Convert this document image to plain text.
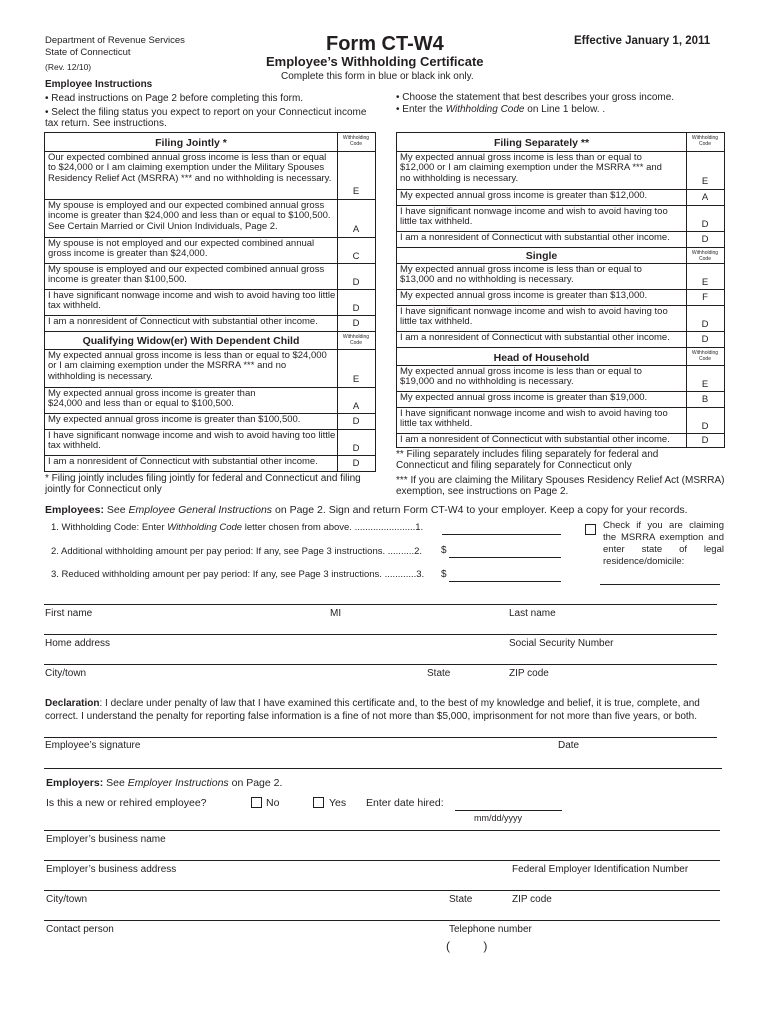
Department of Revenue Services
State of Connecticut
(Rev. 12/10)
Form CT-W4
Employee’s Withholding Certificate
Complete this form in blue or black ink only.
Effective January 1, 2011
Employee Instructions
• Read instructions on Page 2 before completing this form.
• Select the filing status you expect to report on your Connecticut income tax return. See instructions.
• Choose the statement that best describes your gross income.
• Enter the Withholding Code on Line 1 below. .
Filing Jointly *	Withholding Code
Our expected combined annual gross income is less than or equal to $24,000 or I am claiming exemption under the Military Spouses Residency Relief Act (MSRRA) *** and no withholding is necessary.
E
My spouse is employed and our expected combined annual gross income is greater than $24,000 and less than or equal to $100,500. See Certain Married or Civil Union Individuals, Page 2.	A
My spouse is not employed and our expected combined annual gross income is greater than $24,000.	C
My spouse is employed and our expected combined annual gross income is greater than $100,500.	D
I have significant nonwage income and wish to avoid having too little tax withheld.	D
I am a nonresident of Connecticut with substantial other income.	D
Qualifying Widow(er) With Dependent Child	Withholding Code
My expected annual gross income is less than or equal to $24,000 or I am claiming exemption under the MSRRA *** and no withholding is necessary.	E
My expected annual gross income is greater than $24,000 and less than or equal to $100,500.	A
My expected annual gross income is greater than $100,500.	D
I have significant nonwage income and wish to avoid having too little tax withheld.	D
I am a nonresident of Connecticut with substantial other income.	D
Filing Separately **	Withholding Code
My expected annual gross income is less than or equal to $12,000 or I am claiming exemption under the MSRRA *** and no withholding is necessary.	E
My expected annual gross income is greater than $12,000.	A
I have significant nonwage income and wish to avoid having too little tax withheld.	D
I am a nonresident of Connecticut with substantial other income.	D
Single	Withholding Code
My expected annual gross income is less than or equal to $13,000 and no withholding is necessary.	E
My expected annual gross income is greater than $13,000.	F
I have significant nonwage income and wish to avoid having too little tax withheld.	D
I am a nonresident of Connecticut with substantial other income.	D
Head of Household	Withholding Code
My expected annual gross income is less than or equal to $19,000 and no withholding is necessary.	E
My expected annual gross income is greater than $19,000.	B
I have significant nonwage income and wish to avoid having too little tax withheld.	D
I am a nonresident of Connecticut with substantial other income.	D
* Filing jointly includes filing jointly for federal and Connecticut and filing jointly for Connecticut only
** Filing separately includes filing separately for federal and Connecticut and filing separately for Connecticut only
*** If you are claiming the Military Spouses Residency Relief Act (MSRRA) exemption, see instructions on Page 2.
Employees: See Employee General Instructions on Page 2. Sign and return Form CT-W4 to your employer. Keep a copy for your records.
1. Withholding Code: Enter Withholding Code letter chosen from above. .......................1.
2. Additional withholding amount per pay period: If any, see Page 3 instructions. ..........2. $
3. Reduced withholding amount per pay period: If any, see Page 3 instructions. ............3. $
Check if you are claiming the MSRRA exemption and enter state of legal residence/domicile:
First name	MI	Last name
Home address	Social Security Number
City/town	State	ZIP code
Declaration: I declare under penalty of law that I have examined this certificate and, to the best of my knowledge and belief, it is true, complete, and correct. I understand the penalty for reporting false information is a fine of not more than $5,000, imprisonment for not more than five years, or both.
Employee’s signature	Date
Employers: See Employer Instructions on Page 2.
Is this a new or rehired employee?	No	Yes Enter date hired:
mm/dd/yyyy
Employer’s business name
Employer’s business address	Federal Employer Identification Number
City/town	State	ZIP code
Contact person	Telephone number
(          )
